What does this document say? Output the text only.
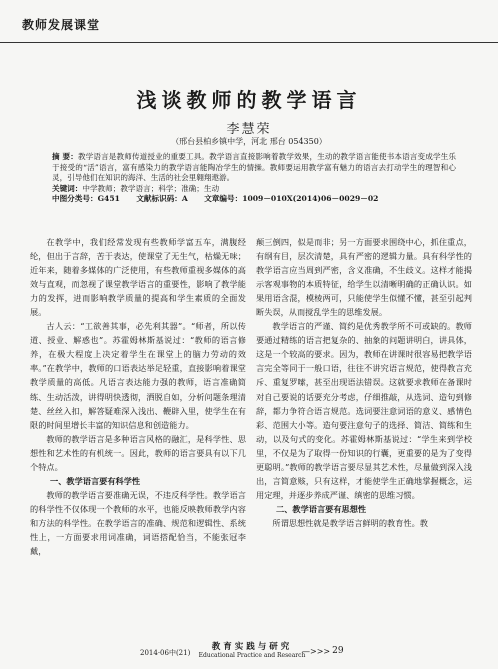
教师发展课堂
浅谈教师的教学语言
李慧荣
（邢台县柏乡镇中学，河北 邢台 054350）

摘 要：教学语言是教师传道授业的重要工具。教学语言直接影响着教学效果，生动的教学语言能使书本语言变成学生乐于接受的“活”语言，富有感染力的教学语言能陶冶学生的情操。教师要运用教学富有魅力的语言去打动学生的理智和心灵，引导他们在知识的海洋、生活的社会里翱翔遨游。

关键词：中学教师；教学语言；科学；准确；生动

中图分类号：G451 文献标识码：A 文章编号：1009－010X(2014)06－0029－02

在教学中，我们经常发现有些教师学富五车，满腹经纶，但出于言辞，苦于表达，使课堂了无生气，枯燥无味；近年来，随着多媒体的广泛使用，有些教师重视多媒体的高效与直观，而忽视了课堂教学语言的重要性，影响了教学能力的发挥，进而影响教学质量的提高和学生素质的全面发展。

古人云：“工欲善其事，必先利其器”。“师者，所以传道、授业、解惑也”。苏霍姆林斯基说过：“教师的语言修养，在极大程度上决定着学生在课堂上的脑力劳动的效率。”在教学中，教师的口语表达举足轻重，直接影响着课堂教学质量的高低。凡语言表达能力强的教师，语言准确简练、生动活泼，讲得明快透彻，洒脱自如，分析问题条理清楚、丝丝入扣，解答疑难深入浅出、鞭辟入里，使学生在有限的时间里增长丰富的知识信息和创造能力。

教师的教学语言是多种语言风格的融汇，是科学性、思想性和艺术性的有机统一。因此，教师的语言要具有以下几个特点。

一、教学语言要有科学性

教师的教学语言要准确无误，不违反科学性。教学语言的科学性不仅体现一个教师的水平，也能反映教师教学内容和方法的科学性。在教学语言的准确、规范和逻辑性、系统性上，一方面要求用词准确，词语搭配恰当，不能张冠李戴，

颠三倒四，似是而非；另一方面要求围绕中心，抓住重点，有纲有目，层次清楚，具有严密的逻辑力量。具有科学性的教学语言应当周到严密，含义准确，不生歧义。这样才能揭示客观事物的本质特征，给学生以清晰明确的正确认识。如果用语含混，模棱两可，只能使学生似懂不懂，甚至引起判断失误，从而搅乱学生的思维发展。

教学语言的严谨、简约是优秀教学所不可或缺的。教师要通过精练的语言把复杂的、抽象的问题讲明白，讲具体，这是一个较高的要求。因为，教师在讲课时很容易把教学语言完全等同于一般口语，往往不讲究语言规范，使得教言充斥、重复罗嗦，甚至出现语法错误。这就要求教师在备课时对自己要说的话要充分考虑，仔细推敲，从选词、造句到修辞，都力争符合语言规范。选词要注意词语的意义、感情色彩、范围大小等。造句要注意句子的选择、简洁、简练和生动，以及句式的变化。苏霍姆林斯基说过：“学生来到学校里，不仅是为了取得一份知识的行囊，更重要的是为了变得更聪明。”教师的教学语言要尽显其艺术性，尽量做到深入浅出，言简意赅，只有这样，才能使学生正确地掌握概念，运用定理，并逐步养成严谨、缜密的思维习惯。

二、教学语言要有思想性

所谓思想性就是教学语言鲜明的教育性。教

2014·06中(21)
教育实践与研究
Educational Practice and Research
—>>> 29
